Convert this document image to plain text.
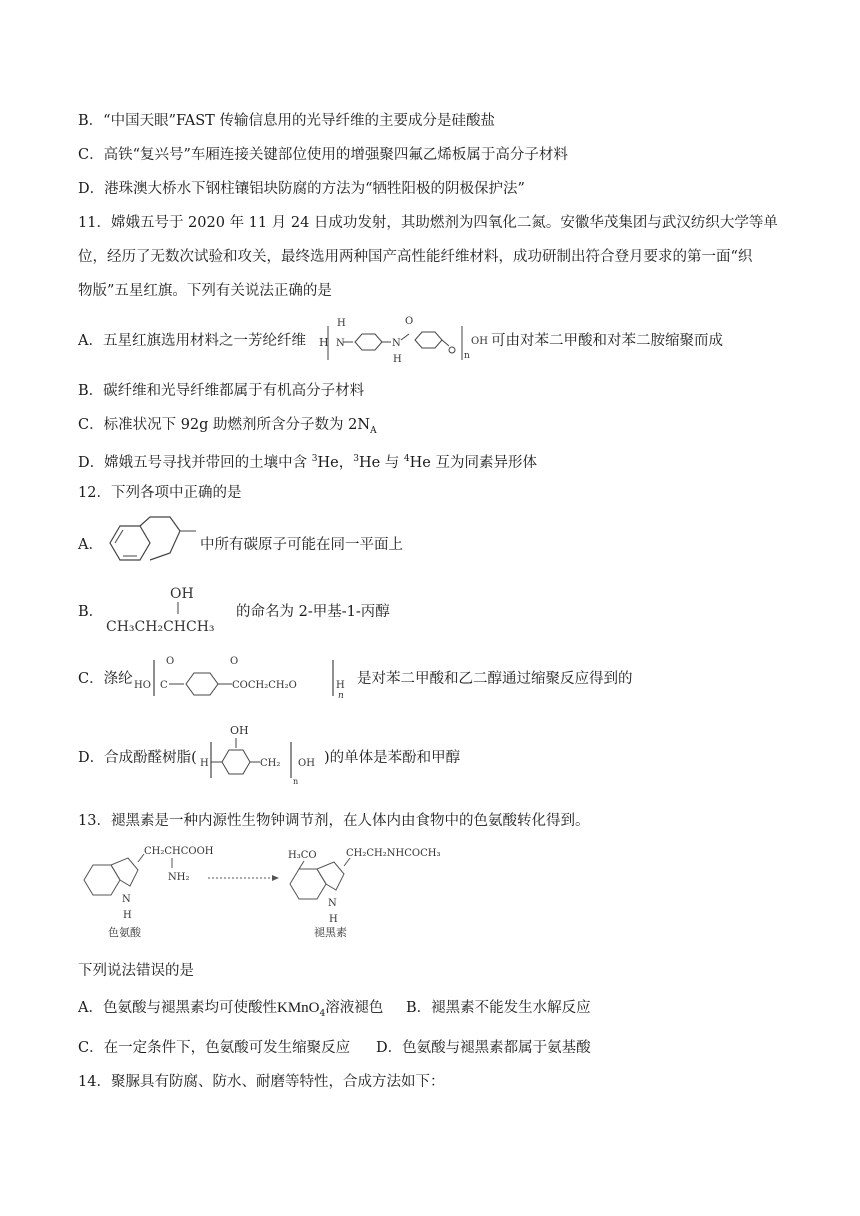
B．“中国天眼”FAST 传输信息用的光导纤维的主要成分是硅酸盐
C．高铁“复兴号”车厢连接关键部位使用的增强聚四氟乙烯板属于高分子材料
D．港珠澳大桥水下钢柱镶铝块防腐的方法为“牺牲阳极的阴极保护法”
11．嫦娥五号于 2020 年 11 月 24 日成功发射，其助燃剂为四氧化二氮。安徽华茂集团与武汉纺织大学等单
位，经历了无数次试验和攻关，最终选用两种国产高性能纤维材料，成功研制出符合登月要求的第一面“织
物版”五星红旗。下列有关说法正确的是
A．五星红旗选用材料之一芳纶纤维 H
H
N	N
H
O
n
OH 可由对苯二甲酸和对苯二胺缩聚而成
B．碳纤维和光导纤维都属于有机高分子材料
C．标准状况下 92g 助燃剂所含分子数为 $2N_A$
D．嫦娥五号寻找并带回的土壤中含 $^3$He，$^3$He 与 $^4$He 互为同素异形体
12．下列各项中正确的是
A．	中所有碳原子可能在同一平面上
B．
OH
CH₃CH₂CHCH₃
的命名为 2-甲基-1-丙醇
C．涤纶 HO
O
C
O
COCH₂CH₂O	H
n
是对苯二甲酸和乙二醇通过缩聚反应得到的
D．合成酚醛树脂( H
OH
CH₂
n
OH )的单体是苯酚和甲醇
13．褪黑素是一种内源性生物钟调节剂，在人体内由食物中的色氨酸转化得到。
N
H
CH₂CHCOOH
NH₂
色氨酸
H₃CO
N
H
CH₂CH₂NHCOCH₃
褪黑素
下列说法错误的是
A．色氨酸与褪黑素均可使酸性KMnO$_4$溶液褪色 B．褪黑素不能发生水解反应
C．在一定条件下，色氨酸可发生缩聚反应 D．色氨酸与褪黑素都属于氨基酸
14．聚脲具有防腐、防水、耐磨等特性，合成方法如下：
